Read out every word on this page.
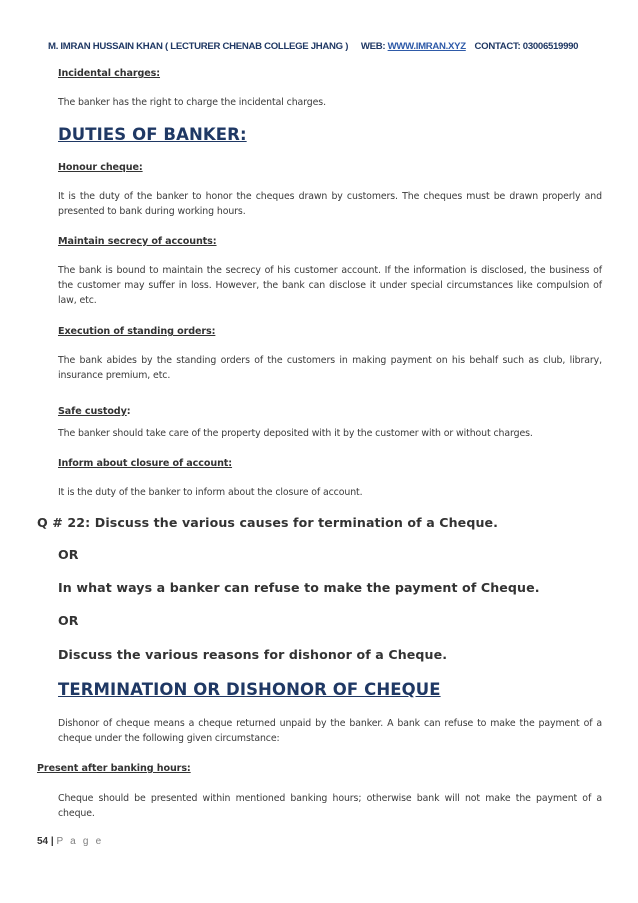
M. IMRAN HUSSAIN KHAN ( LECTURER CHENAB COLLEGE JHANG ) WEB: WWW.IMRAN.XYZ CONTACT: 03006519990
Incidental charges:
The banker has the right to charge the incidental charges.
DUTIES OF BANKER:
Honour cheque:
It is the duty of the banker to honor the cheques drawn by customers. The cheques must be drawn properly and presented to bank during working hours.
Maintain secrecy of accounts:
The bank is bound to maintain the secrecy of his customer account. If the information is disclosed, the business of the customer may suffer in loss. However, the bank can disclose it under special circumstances like compulsion of law, etc.
Execution of standing orders:
The bank abides by the standing orders of the customers in making payment on his behalf such as club, library, insurance premium, etc.
Safe custody:
The banker should take care of the property deposited with it by the customer with or without charges.
Inform about closure of account:
It is the duty of the banker to inform about the closure of account.
Q # 22: Discuss the various causes for termination of a Cheque.
OR
In what ways a banker can refuse to make the payment of Cheque.
OR
Discuss the various reasons for dishonor of a Cheque.
TERMINATION OR DISHONOR OF CHEQUE
Dishonor of cheque means a cheque returned unpaid by the banker. A bank can refuse to make the payment of a cheque under the following given circumstance:
Present after banking hours:
Cheque should be presented within mentioned banking hours; otherwise bank will not make the payment of a cheque.
54 | P a g e
